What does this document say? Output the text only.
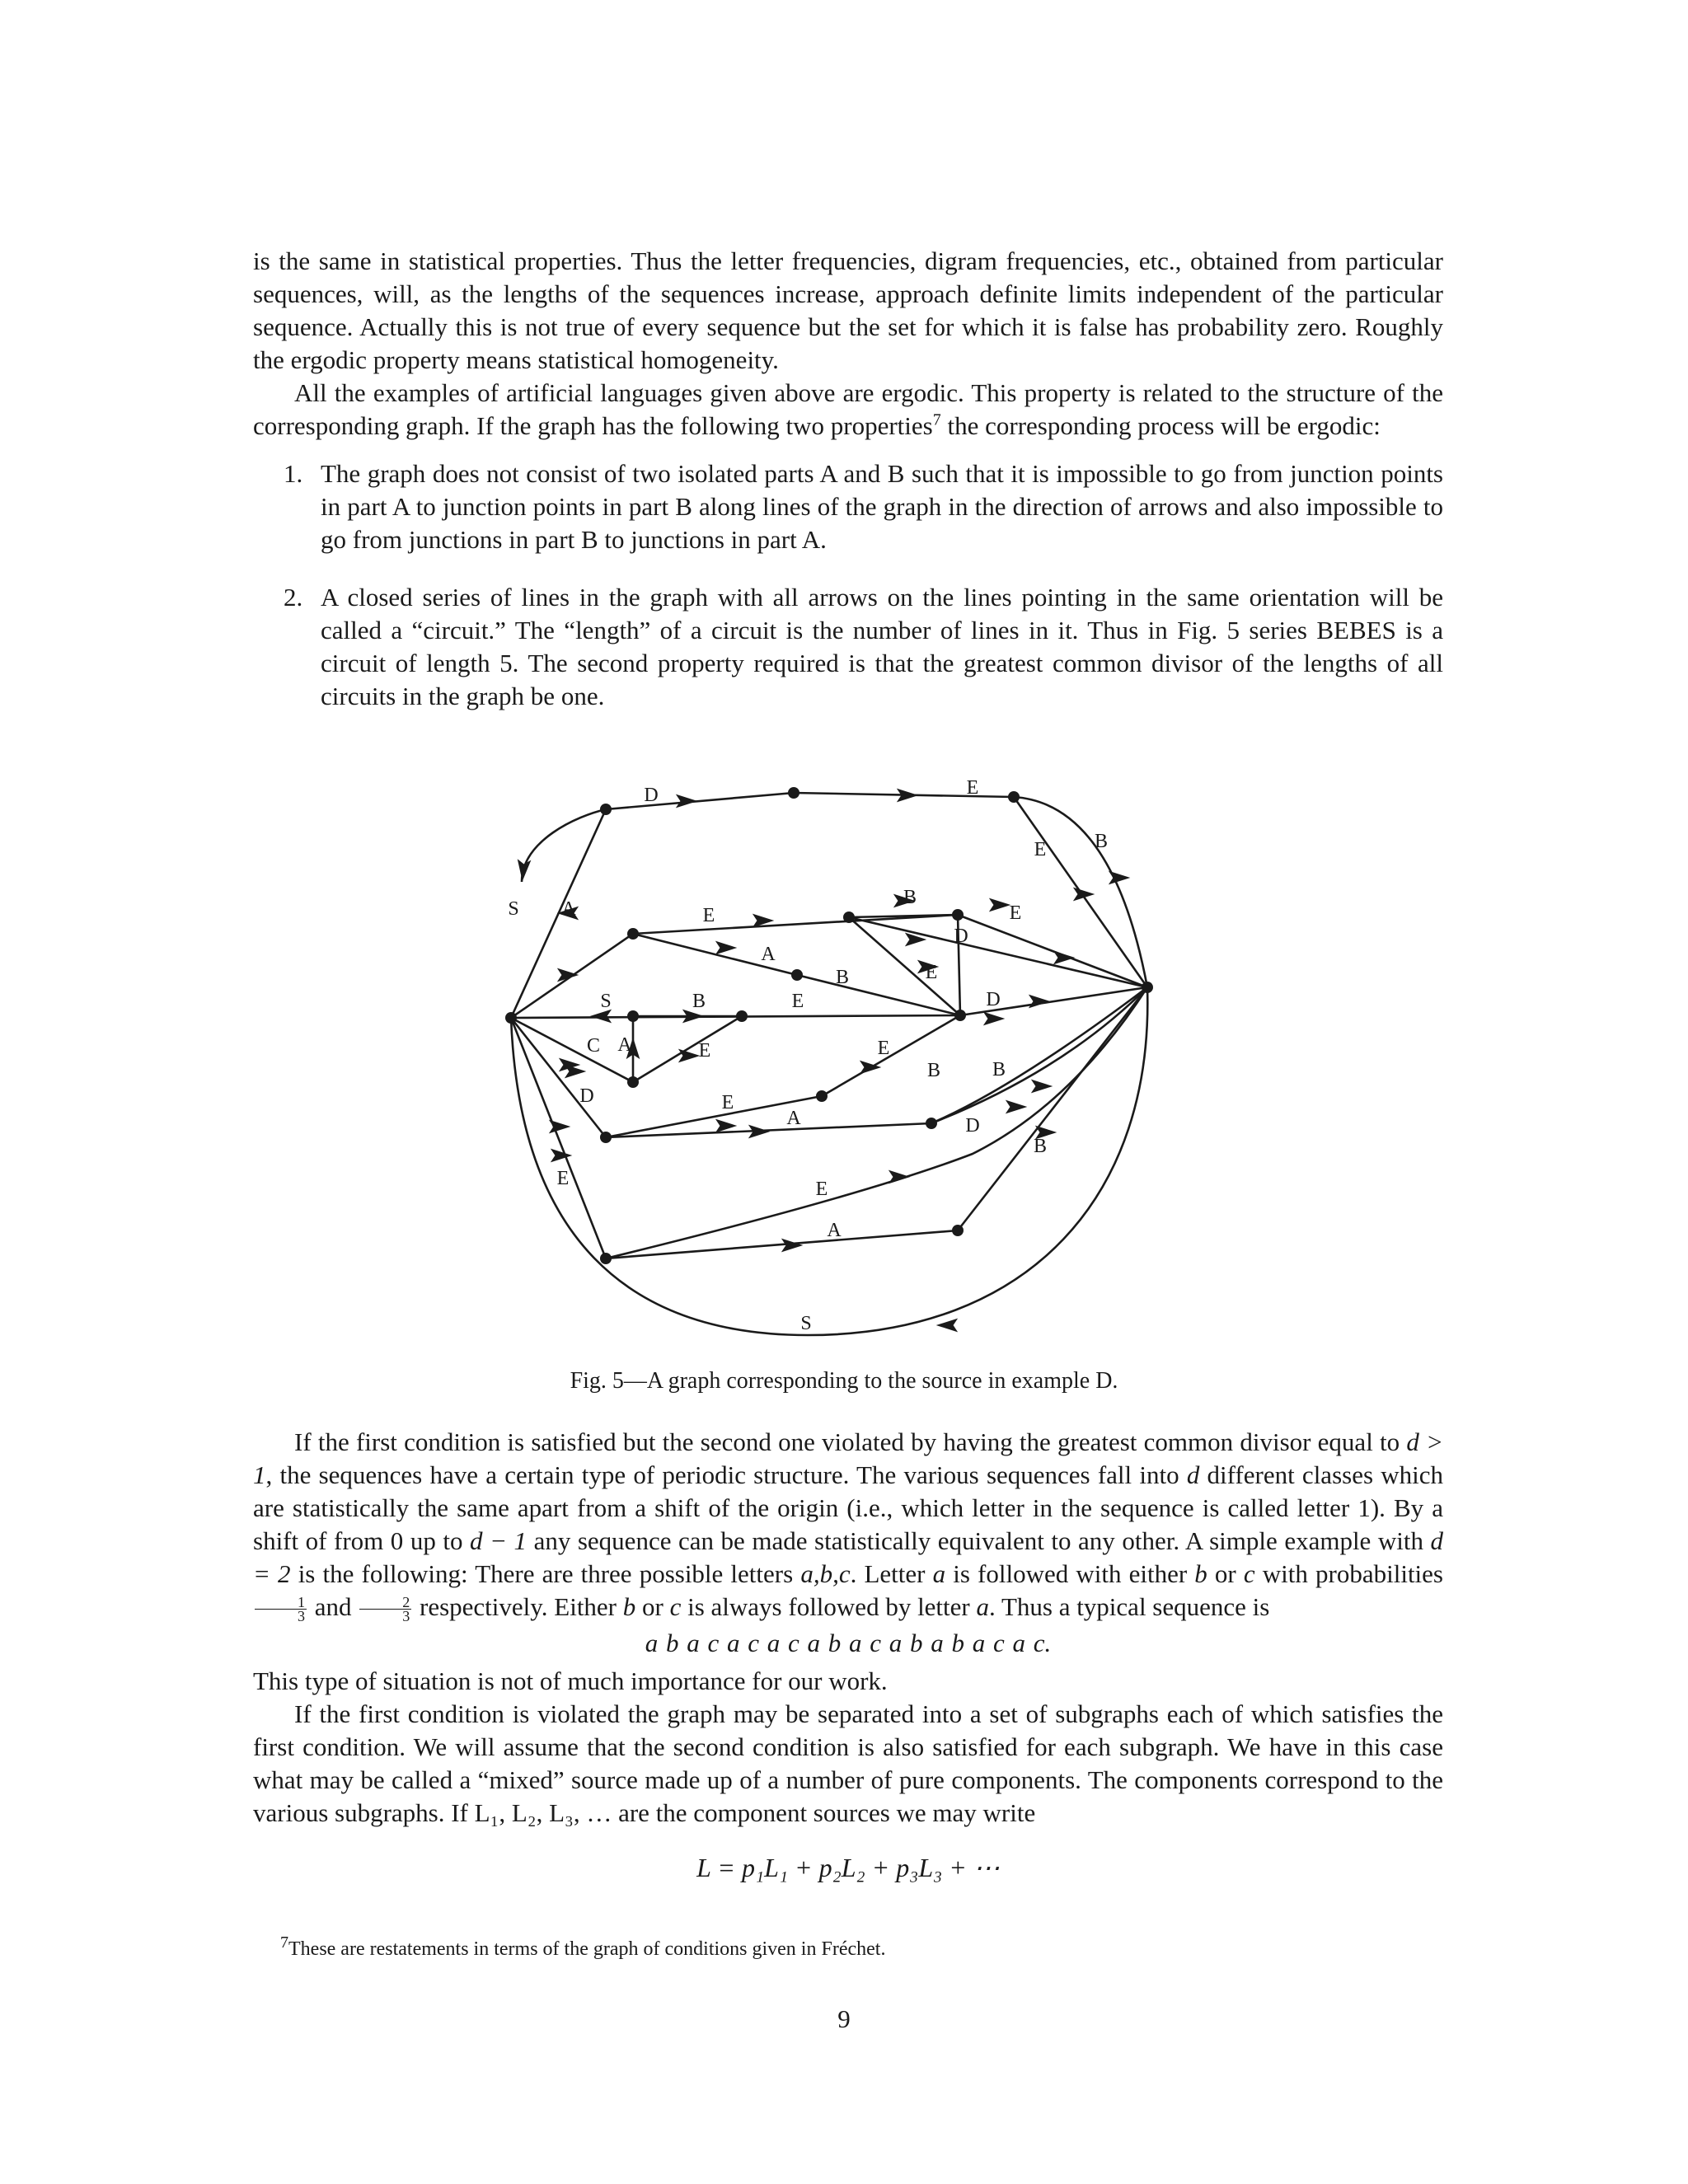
is the same in statistical properties. Thus the letter frequencies, digram frequencies, etc., obtained from particular sequences, will, as the lengths of the sequences increase, approach definite limits independent of the particular sequence. Actually this is not true of every sequence but the set for which it is false has probability zero. Roughly the ergodic property means statistical homogeneity.

All the examples of artificial languages given above are ergodic. This property is related to the structure of the corresponding graph. If the graph has the following two properties$^7$ the corresponding process will be ergodic:

1. The graph does not consist of two isolated parts A and B such that it is impossible to go from junction points in part A to junction points in part B along lines of the graph in the direction of arrows and also impossible to go from junctions in part B to junctions in part A.
2. A closed series of lines in the graph with all arrows on the lines pointing in the same orientation will be called a “circuit.” The “length” of a circuit is the number of lines in it. Thus in Fig. 5 series BEBES is a circuit of length 5. The second property required is that the greatest common divisor of the lengths of all circuits in the graph be one.
D	E
E B
S A	E
B
E
A
D
E
B
S	B	E	D
C A	E	E
B	B
D	E
A	D
B
E	E
A
S
Fig. 5—A graph corresponding to the source in example D.

If the first condition is satisfied but the second one violated by having the greatest common divisor equal to d > 1, the sequences have a certain type of periodic structure. The various sequences fall into d different classes which are statistically the same apart from a shift of the origin (i.e., which letter in the sequence is called letter 1). By a shift of from 0 up to d − 1 any sequence can be made statistically equivalent to any other. A simple example with d = 2 is the following: There are three possible letters a,b,c. Letter a is followed with either b or c with probabilities
$\frac{1}{3}$ and $\frac{2}{3}$ respectively. Either b or c is always followed by letter a. Thus a typical sequence is

a b a c a c a c a b a c a b a b a c a c.

This type of situation is not of much importance for our work.

If the first condition is violated the graph may be separated into a set of subgraphs each of which satisfies the first condition. We will assume that the second condition is also satisfied for each subgraph. We have in this case what may be called a “mixed” source made up of a number of pure components. The components correspond to the various subgraphs. If L₁, L₂, L₃, … are the component sources we may write

L = p₁L₁ + p₂L₂ + p₃L₃ + ⋯
$^7$These are restatements in terms of the graph of conditions given in Fréchet.
9
